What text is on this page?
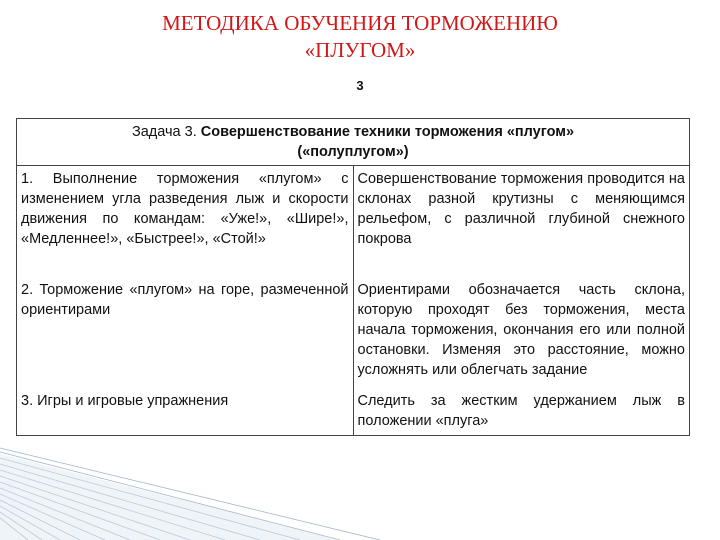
МЕТОДИКА ОБУЧЕНИЯ ТОРМОЖЕНИЮ
«ПЛУГОМ»
3
Задача 3. Совершенствование техники торможения «плугом»
(«полуплугом»)	
1. Выполнение торможения «плугом» с изменением угла разведения лыж и скорости движения по командам: «Уже!», «Шире!», «Медленнее!», «Быстрее!», «Стой!»	Совершенствование торможения проводится на склонах разной крутизны с меняющимся рельефом, с различной глубиной снежного покрова
2. Торможение «плугом» на горе, размеченной ориентирами	Ориентирами обозначается часть склона, которую проходят без торможения, места начала торможения, окончания его или полной остановки. Изменяя это расстояние, можно усложнять или облегчать задание
3. Игры и игровые упражнения	Следить за жестким удержанием лыж в положении «плуга»
